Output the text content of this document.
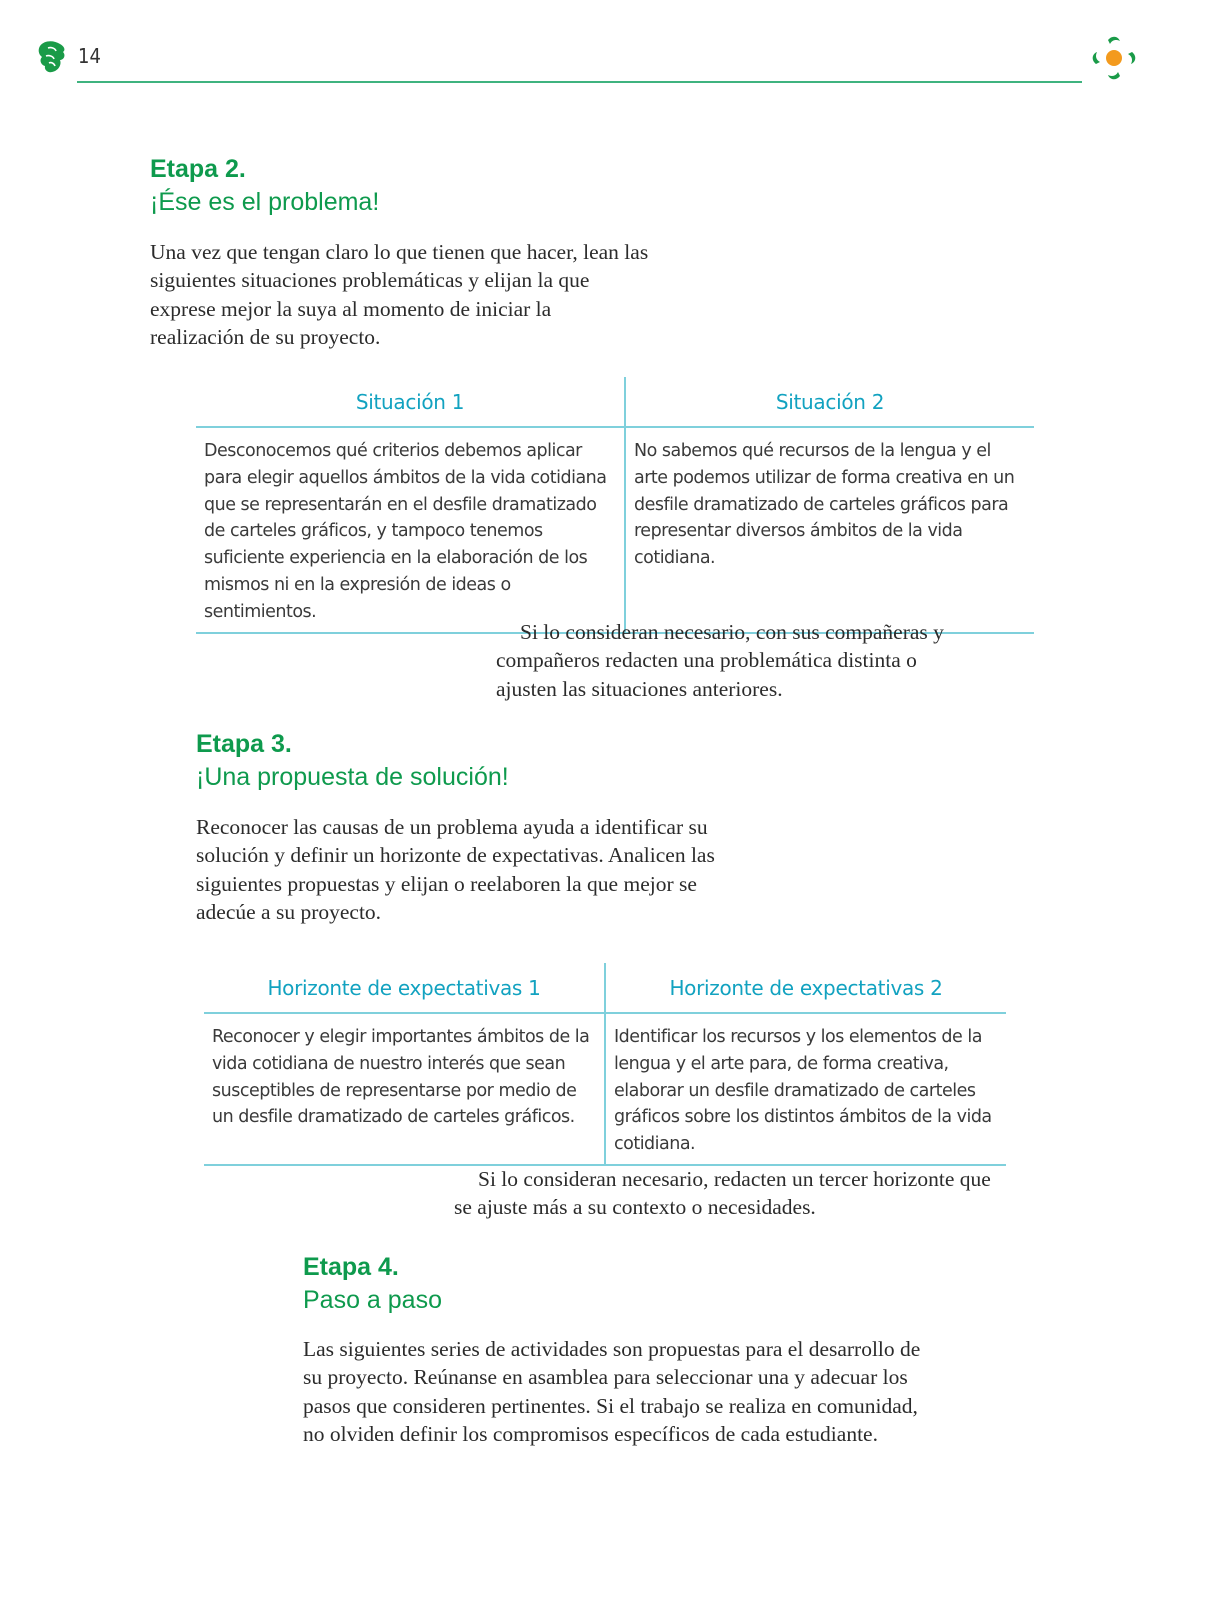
14
Etapa 2.
¡Ése es el problema!
Una vez que tengan claro lo que tienen que hacer, lean las siguientes situaciones problemáticas y elijan la que exprese mejor la suya al momento de iniciar la realización de su proyecto.
Situación 1	Situación 2
Desconocemos qué criterios debemos aplicar para elegir aquellos ámbitos de la vida cotidiana que se representarán en el desfile dramatizado de carteles gráficos, y tampoco tenemos suficiente experiencia en la elaboración de los mismos ni en la expresión de ideas o sentimientos.	No sabemos qué recursos de la lengua y el arte podemos utilizar de forma creativa en un desfile dramatizado de carteles gráficos para representar diversos ámbitos de la vida cotidiana.
Si lo consideran necesario, con sus compañeras y compañeros redacten una problemática distinta o ajusten las situaciones anteriores.
Etapa 3.
¡Una propuesta de solución!
Reconocer las causas de un problema ayuda a identificar su solución y definir un horizonte de expectativas. Analicen las siguientes propuestas y elijan o reelaboren la que mejor se adecúe a su proyecto.
Horizonte de expectativas 1	Horizonte de expectativas 2
Reconocer y elegir importantes ámbitos de la vida cotidiana de nuestro interés que sean susceptibles de representarse por medio de un desfile dramatizado de carteles gráficos.	Identificar los recursos y los elementos de la lengua y el arte para, de forma creativa, elaborar un desfile dramatizado de carteles gráficos sobre los distintos ámbitos de la vida cotidiana.
Si lo consideran necesario, redacten un tercer horizonte que se ajuste más a su contexto o necesidades.
Etapa 4.
Paso a paso
Las siguientes series de actividades son propuestas para el desarrollo de su proyecto. Reúnanse en asamblea para seleccionar una y adecuar los pasos que consideren pertinentes. Si el trabajo se realiza en comunidad, no olviden definir los compromisos específicos de cada estudiante.
